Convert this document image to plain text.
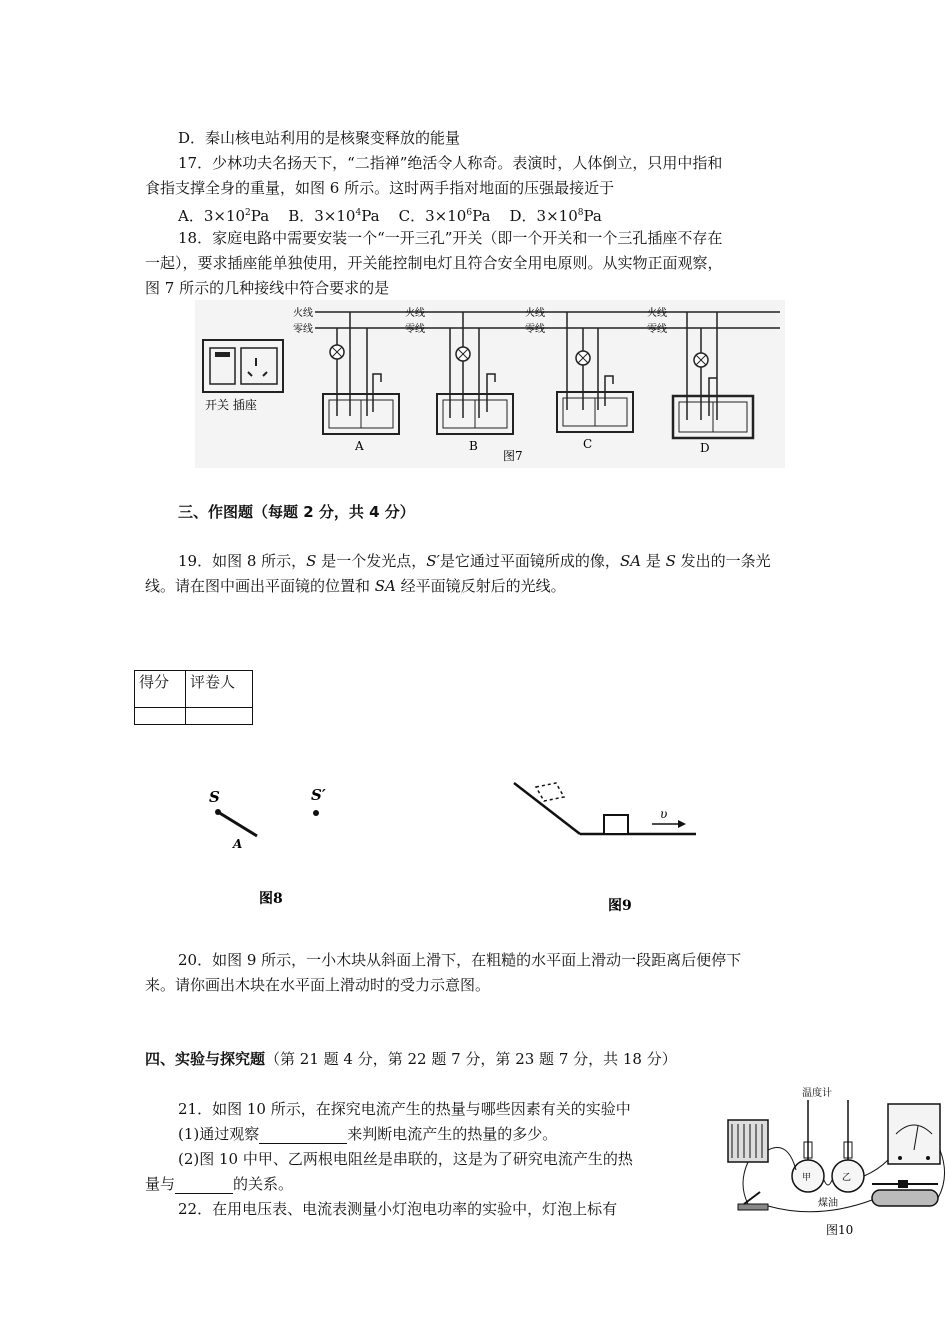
D．秦山核电站利用的是核聚变释放的能量
17．少林功夫名扬天下，“二指禅”绝活令人称奇。表演时，人体倒立，只用中指和
食指支撑全身的重量，如图 6 所示。这时两手指对地面的压强最接近于
A．$3\times 10^2Pa$ B．$3\times 10^4Pa$ C．$3\times 10^6Pa$ D．$3\times 10^8Pa$
18．家庭电路中需要安装一个“一开三孔”开关（即一个开关和一个三孔插座不存在
一起），要求插座能单独使用，开关能控制电灯且符合安全用电原则。从实物正面观察，
图 7 所示的几种接线中符合要求的是
开关 插座
火线
零线
火线
零线
火线
零线
火线
零线
A	B
图7
C	D
三、作图题（每题 2 分，共 4 分）
19．如图 8 所示，S 是一个发光点，S′是它通过平面镜所成的像，SA 是 S 发出的一条光
线。请在图中画出平面镜的位置和 SA 经平面镜反射后的光线。
得分	评卷人

S
A
S′
图8
υ
图9
20．如图 9 所示，一小木块从斜面上滑下，在粗糙的水平面上滑动一段距离后便停下
来。请你画出木块在水平面上滑动时的受力示意图。
四、实验与探究题（第 21 题 4 分，第 22 题 7 分，第 23 题 7 分，共 18 分）
21．如图 10 所示，在探究电流产生的热量与哪些因素有关的实验中
(1)通过观察	来判断电流产生的热量的多少。
(2)图 10 中甲、乙两根电阻丝是串联的，这是为了研究电流产生的热
量与	的关系。
22．在用电压表、电流表测量小灯泡电功率的实验中，灯泡上标有
温度计
甲	乙
煤油
图10
